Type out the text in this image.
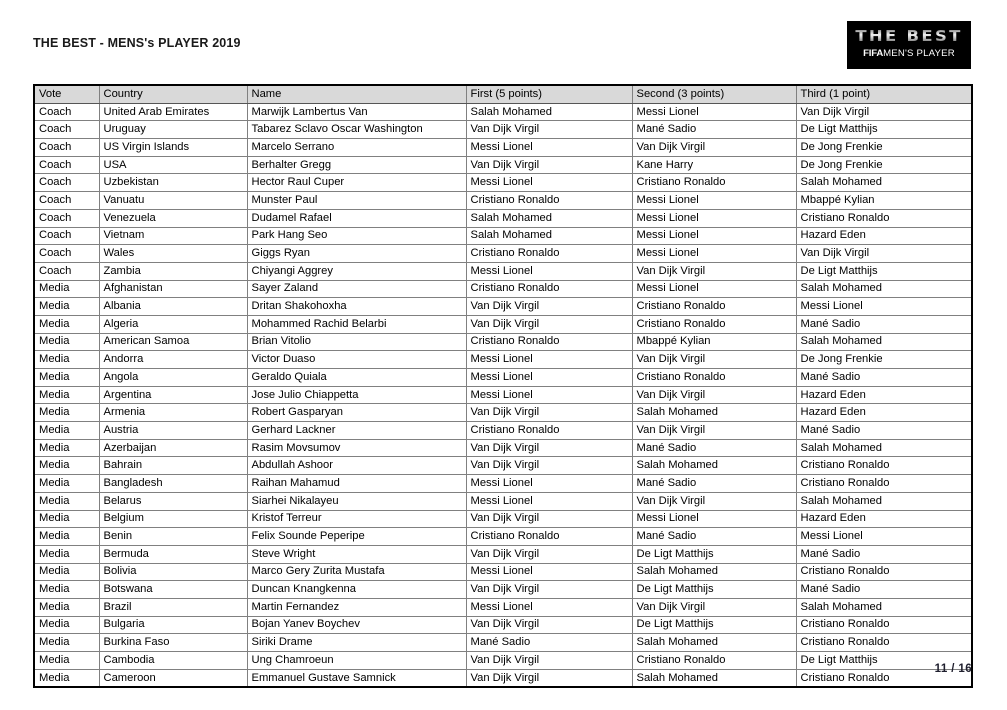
THE BEST - MENS's PLAYER 2019	THE BEST
FIFAMEN'S PLAYER
Vote	Country	Name	First (5 points)	Second (3 points)	Third (1 point)
Coach	United Arab Emirates	Marwijk Lambertus Van	Salah Mohamed	Messi Lionel	Van Dijk Virgil
Coach	Uruguay	Tabarez Sclavo Oscar Washington	Van Dijk Virgil	Mané Sadio	De Ligt Matthijs
Coach	US Virgin Islands	Marcelo Serrano	Messi Lionel	Van Dijk Virgil	De Jong Frenkie
Coach	USA	Berhalter Gregg	Van Dijk Virgil	Kane Harry	De Jong Frenkie
Coach	Uzbekistan	Hector Raul Cuper	Messi Lionel	Cristiano Ronaldo	Salah Mohamed
Coach	Vanuatu	Munster Paul	Cristiano Ronaldo	Messi Lionel	Mbappé Kylian
Coach	Venezuela	Dudamel Rafael	Salah Mohamed	Messi Lionel	Cristiano Ronaldo
Coach	Vietnam	Park Hang Seo	Salah Mohamed	Messi Lionel	Hazard Eden
Coach	Wales	Giggs Ryan	Cristiano Ronaldo	Messi Lionel	Van Dijk Virgil
Coach	Zambia	Chiyangi Aggrey	Messi Lionel	Van Dijk Virgil	De Ligt Matthijs
Media	Afghanistan	Sayer Zaland	Cristiano Ronaldo	Messi Lionel	Salah Mohamed
Media	Albania	Dritan Shakohoxha	Van Dijk Virgil	Cristiano Ronaldo	Messi Lionel
Media	Algeria	Mohammed Rachid Belarbi	Van Dijk Virgil	Cristiano Ronaldo	Mané Sadio
Media	American Samoa	Brian Vitolio	Cristiano Ronaldo	Mbappé Kylian	Salah Mohamed
Media	Andorra	Victor Duaso	Messi Lionel	Van Dijk Virgil	De Jong Frenkie
Media	Angola	Geraldo Quiala	Messi Lionel	Cristiano Ronaldo	Mané Sadio
Media	Argentina	Jose Julio Chiappetta	Messi Lionel	Van Dijk Virgil	Hazard Eden
Media	Armenia	Robert Gasparyan	Van Dijk Virgil	Salah Mohamed	Hazard Eden
Media	Austria	Gerhard Lackner	Cristiano Ronaldo	Van Dijk Virgil	Mané Sadio
Media	Azerbaijan	Rasim Movsumov	Van Dijk Virgil	Mané Sadio	Salah Mohamed
Media	Bahrain	Abdullah Ashoor	Van Dijk Virgil	Salah Mohamed	Cristiano Ronaldo
Media	Bangladesh	Raihan Mahamud	Messi Lionel	Mané Sadio	Cristiano Ronaldo
Media	Belarus	Siarhei Nikalayeu	Messi Lionel	Van Dijk Virgil	Salah Mohamed
Media	Belgium	Kristof Terreur	Van Dijk Virgil	Messi Lionel	Hazard Eden
Media	Benin	Felix Sounde Peperipe	Cristiano Ronaldo	Mané Sadio	Messi Lionel
Media	Bermuda	Steve Wright	Van Dijk Virgil	De Ligt Matthijs	Mané Sadio
Media	Bolivia	Marco Gery Zurita Mustafa	Messi Lionel	Salah Mohamed	Cristiano Ronaldo
Media	Botswana	Duncan Knangkenna	Van Dijk Virgil	De Ligt Matthijs	Mané Sadio
Media	Brazil	Martin Fernandez	Messi Lionel	Van Dijk Virgil	Salah Mohamed
Media	Bulgaria	Bojan Yanev Boychev	Van Dijk Virgil	De Ligt Matthijs	Cristiano Ronaldo
Media	Burkina Faso	Siriki Drame	Mané Sadio	Salah Mohamed	Cristiano Ronaldo
Media	Cambodia	Ung Chamroeun	Van Dijk Virgil	Cristiano Ronaldo	De Ligt Matthijs
Media	Cameroon	Emmanuel Gustave Samnick	Van Dijk Virgil	Salah Mohamed	Cristiano Ronaldo
11 / 16
